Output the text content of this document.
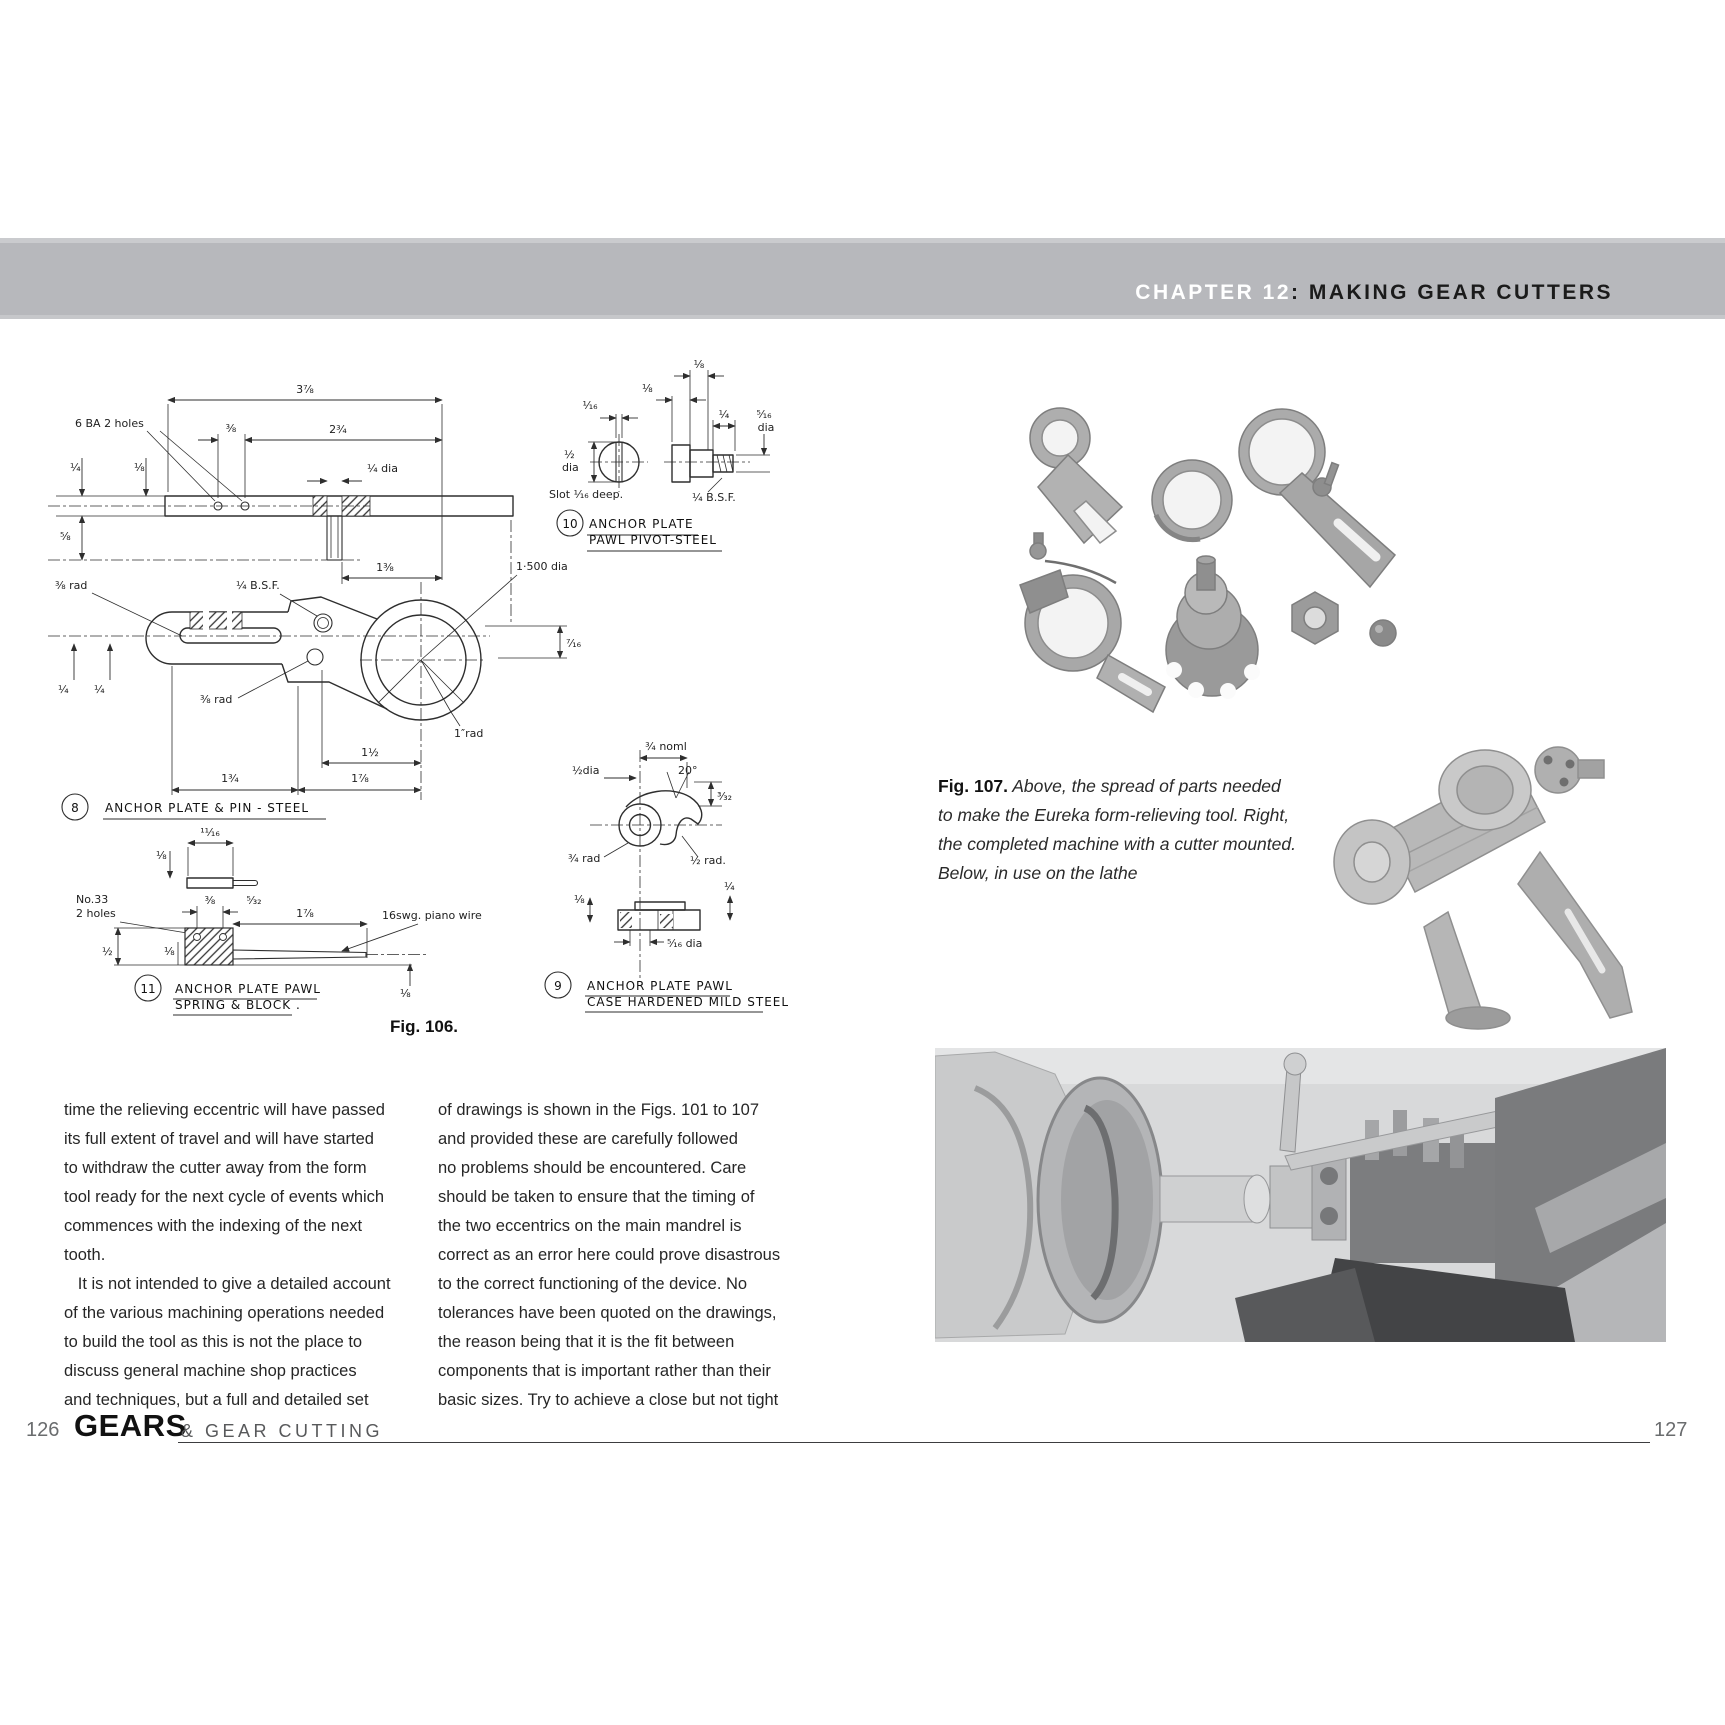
CHAPTER 12: MAKING GEAR CUTTERS
3⅞
6 BA 2 holes	⅜	2¾
¼	⅛
⅝
¼ dia
1⅜
⅜ rad	¼ B.S.F.
1·500 dia
1″rad
⁷⁄₁₆
¼ ¼
⅜ rad
1½
1¾	1⅞
8 ANCHOR PLATE & PIN - STEEL
½
dia
¹⁄₁₆
⅛
⅛
¼ ⁵⁄₁₆
dia
Slot ¹⁄₁₆ deep.	¼ B.S.F.
10 ANCHOR PLATE
PAWL PIVOT-STEEL
¹¹⁄₁₆
⅛
No.33
2 holes
⅜	⁵⁄₃₂
1⅞	16swg. piano wire
½	⅛
⅛
11 ANCHOR PLATE PAWL
SPRING & BLOCK .
Fig. 106.
¾ noml
20°
½dia
³⁄₃₂
¾ rad	½ rad.
⅛
¼
⁵⁄₁₆ dia
9 ANCHOR PLATE PAWL
CASE HARDENED MILD STEEL
Fig. 107. Above, the spread of parts needed
to make the Eureka form-relieving tool. Right,
the completed machine with a cutter mounted.
Below, in use on the lathe
time the relieving eccentric will have passed
its full extent of travel and will have started
to withdraw the cutter away from the form
tool ready for the next cycle of events which
commences with the indexing of the next
tooth.
It is not intended to give a detailed account
of the various machining operations needed
to build the tool as this is not the place to
discuss general machine shop practices
and techniques, but a full and detailed set
of drawings is shown in the Figs. 101 to 107
and provided these are carefully followed
no problems should be encountered. Care
should be taken to ensure that the timing of
the two eccentrics on the main mandrel is
correct as an error here could prove disastrous
to the correct functioning of the device. No
tolerances have been quoted on the drawings,
the reason being that it is the fit between
components that is important rather than their
basic sizes. Try to achieve a close but not tight
126 GEARS
& GEAR CUTTING	127
